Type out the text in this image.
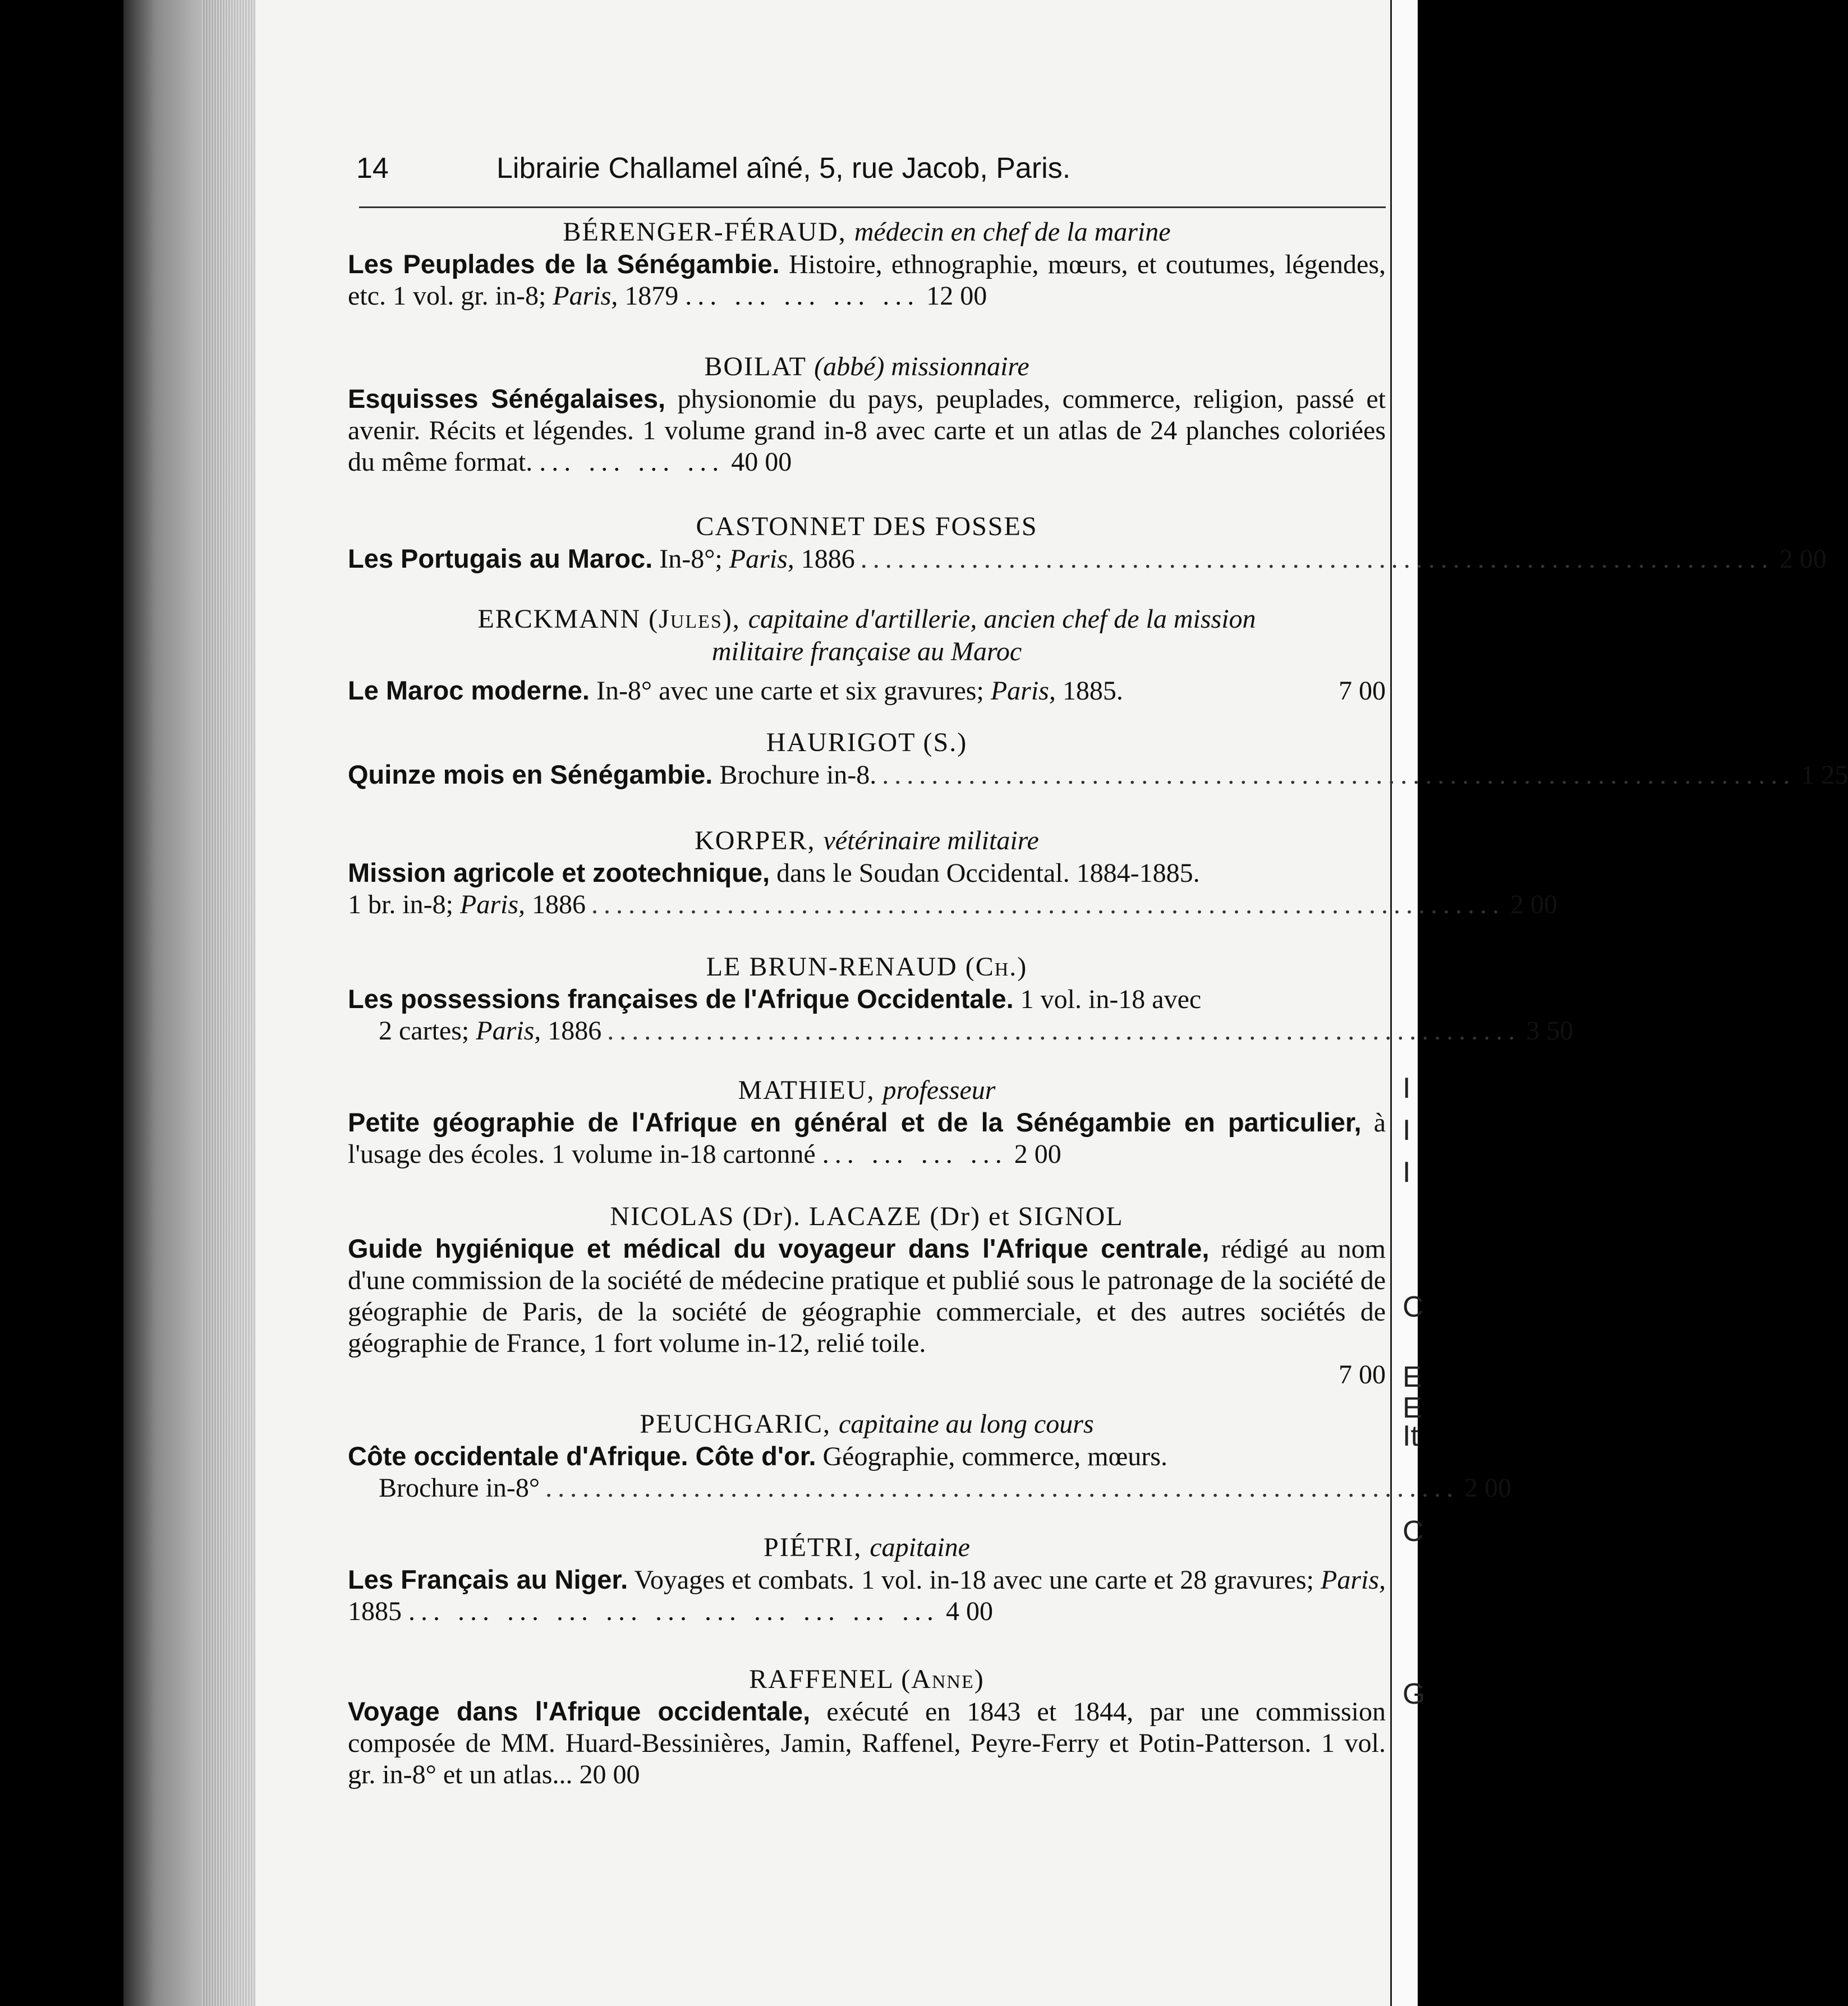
I
I
I
C
E
E
It
C
G
14	Librairie Challamel aîné, 5, rue Jacob, Paris.
BÉRENGER-FÉRAUD, médecin en chef de la marine
Les Peuplades de la Sénégambie. Histoire, ethnographie, mœurs, et coutumes, légendes, etc. 1 vol. gr. in-8; Paris, 1879 ... ... ... ... ... 12 00
BOILAT (abbé) missionnaire
Esquisses Sénégalaises, physionomie du pays, peuplades, commerce, religion, passé et avenir. Récits et légendes. 1 volume grand in-8 avec carte et un atlas de 24 planches coloriées du même format. ... ... ... ... 40 00
CASTONNET DES FOSSES
Les Portugais au Maroc. In-8°; Paris, 1886 .......................................................................... 2 00
ERCKMANN (Jules), capitaine d'artillerie, ancien chef de la mission
militaire française au Maroc
Le Maroc moderne. In-8° avec une carte et six gravures; Paris, 1885.	7 00
HAURIGOT (S.)
Quinze mois en Sénégambie. Brochure in-8. .......................................................................... 1 25
KORPER, vétérinaire militaire
Mission agricole et zootechnique, dans le Soudan Occidental. 1884-1885.
1 br. in-8; Paris, 1886 .......................................................................... 2 00
LE BRUN-RENAUD (Ch.)
Les possessions françaises de l'Afrique Occidentale. 1 vol. in-18 avec
2 cartes; Paris, 1886 .......................................................................... 3 50
MATHIEU, professeur
Petite géographie de l'Afrique en général et de la Sénégambie en particulier, à l'usage des écoles. 1 volume in-18 cartonné ... ... ... ... 2 00
NICOLAS (Dr). LACAZE (Dr) et SIGNOL
Guide hygiénique et médical du voyageur dans l'Afrique centrale, rédigé au nom d'une commission de la société de médecine pratique et publié sous le patronage de la société de géographie de Paris, de la société de géographie commerciale, et des autres sociétés de géographie de France, 1 fort volume in-12, relié toile.
7 00
PEUCHGARIC, capitaine au long cours
Côte occidentale d'Afrique. Côte d'or. Géographie, commerce, mœurs.
Brochure in-8° .......................................................................... 2 00
PIÉTRI, capitaine
Les Français au Niger. Voyages et combats. 1 vol. in-18 avec une carte et 28 gravures; Paris, 1885 ... ... ... ... ... ... ... ... ... ... ... 4 00
RAFFENEL (Anne)
Voyage dans l'Afrique occidentale, exécuté en 1843 et 1844, par une commission composée de MM. Huard-Bessinières, Jamin, Raffenel, Peyre-Ferry et Potin-Patterson. 1 vol. gr. in-8° et un atlas... 20 00
